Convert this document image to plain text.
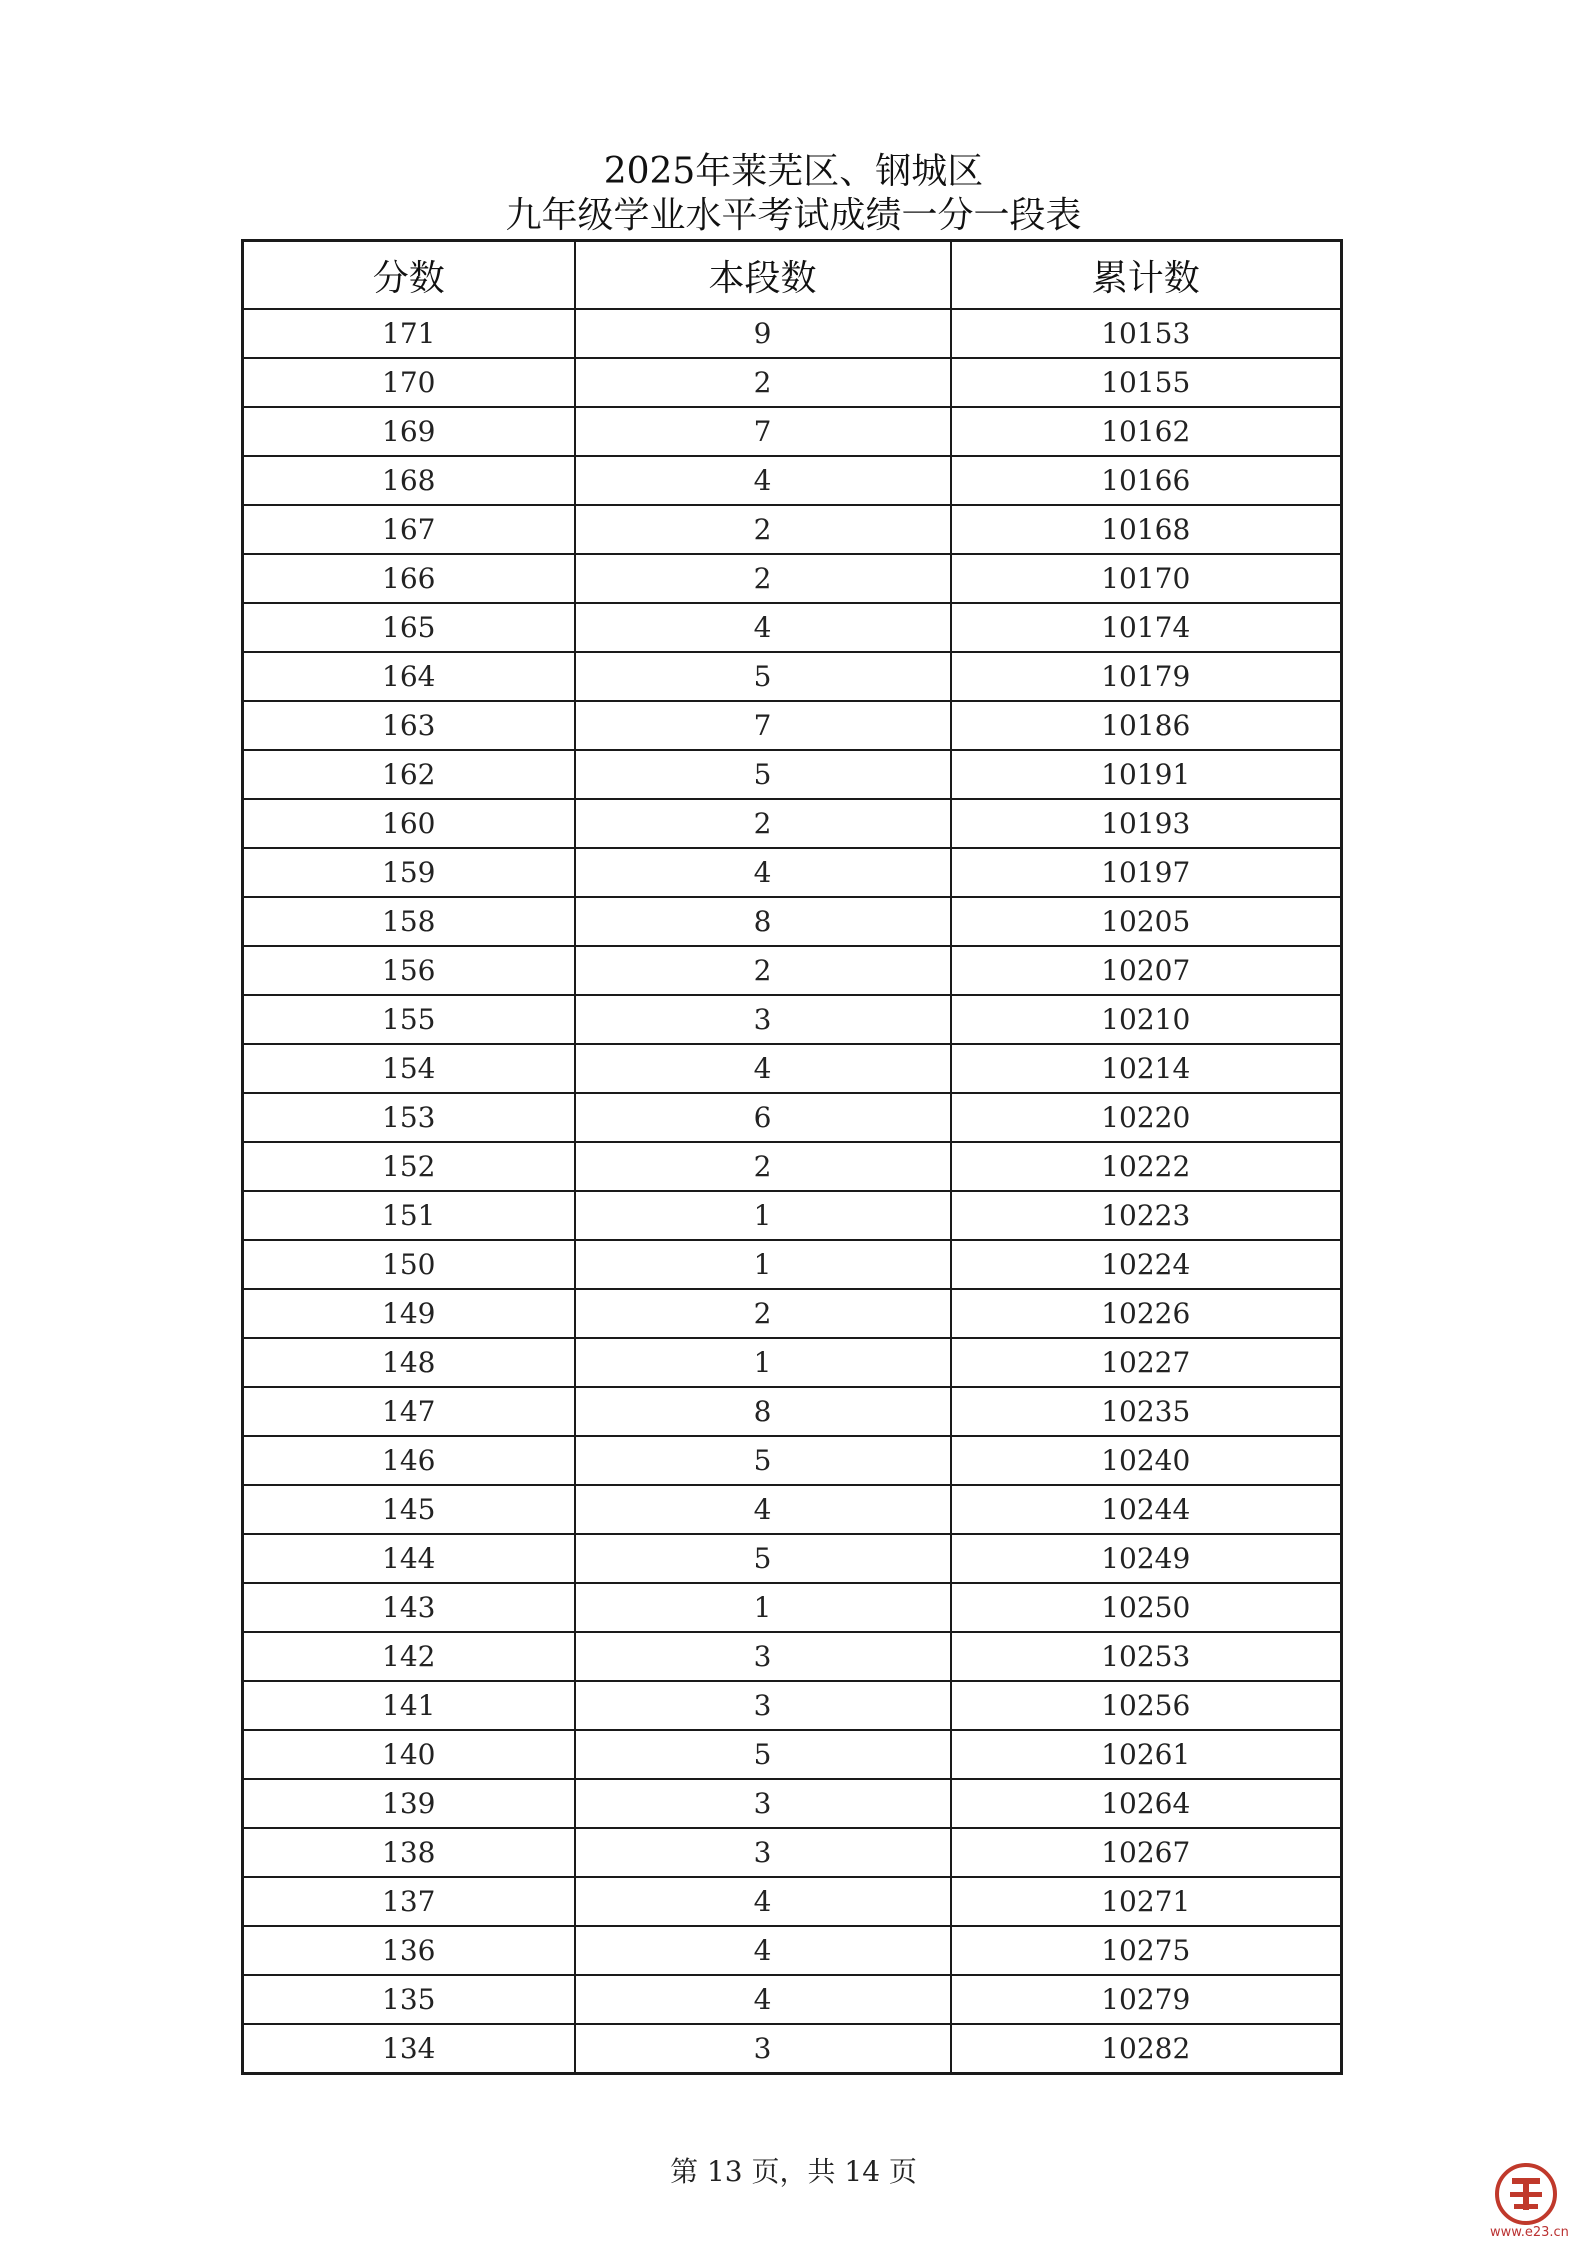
2025年莱芜区、钢城区
九年级学业水平考试成绩一分一段表
分数	本段数	累计数
171	9	10153
170	2	10155
169	7	10162
168	4	10166
167	2	10168
166	2	10170
165	4	10174
164	5	10179
163	7	10186
162	5	10191
160	2	10193
159	4	10197
158	8	10205
156	2	10207
155	3	10210
154	4	10214
153	6	10220
152	2	10222
151	1	10223
150	1	10224
149	2	10226
148	1	10227
147	8	10235
146	5	10240
145	4	10244
144	5	10249
143	1	10250
142	3	10253
141	3	10256
140	5	10261
139	3	10264
138	3	10267
137	4	10271
136	4	10275
135	4	10279
134	3	10282
第 13 页，共 14 页
www.e23.cn
